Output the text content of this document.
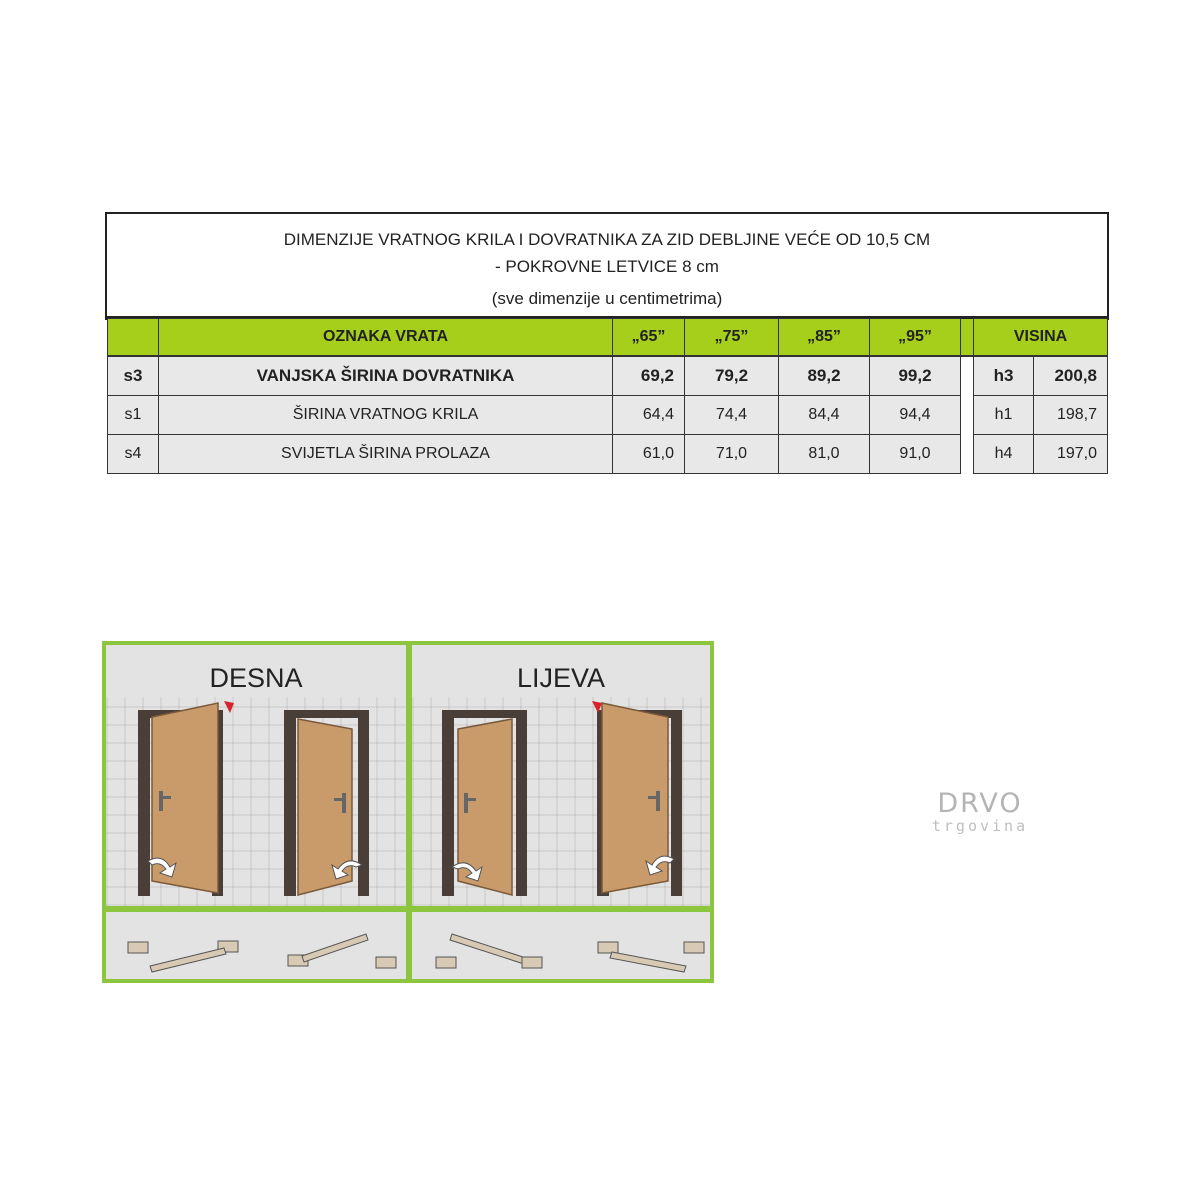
DIMENZIJE VRATNOG KRILA I DOVRATNIKA ZA ZID DEBLJINE VEĆE OD 10,5 CM
- POKROVNE LETVICE 8 cm
(sve dimenzije u centimetrima)
	OZNAKA VRATA	„65”	„75”	„85”	„95”		VISINA	
s3	VANJSKA ŠIRINA DOVRATNIKA	69,2	79,2	89,2	99,2		h3	200,8
s1	ŠIRINA VRATNOG KRILA	64,4	74,4	84,4	94,4		h1	198,7
s4	SVIJETLA ŠIRINA PROLAZA	61,0	71,0	81,0	91,0		h4	197,0
DESNA	LIJEVA
DRVO
trgovina
